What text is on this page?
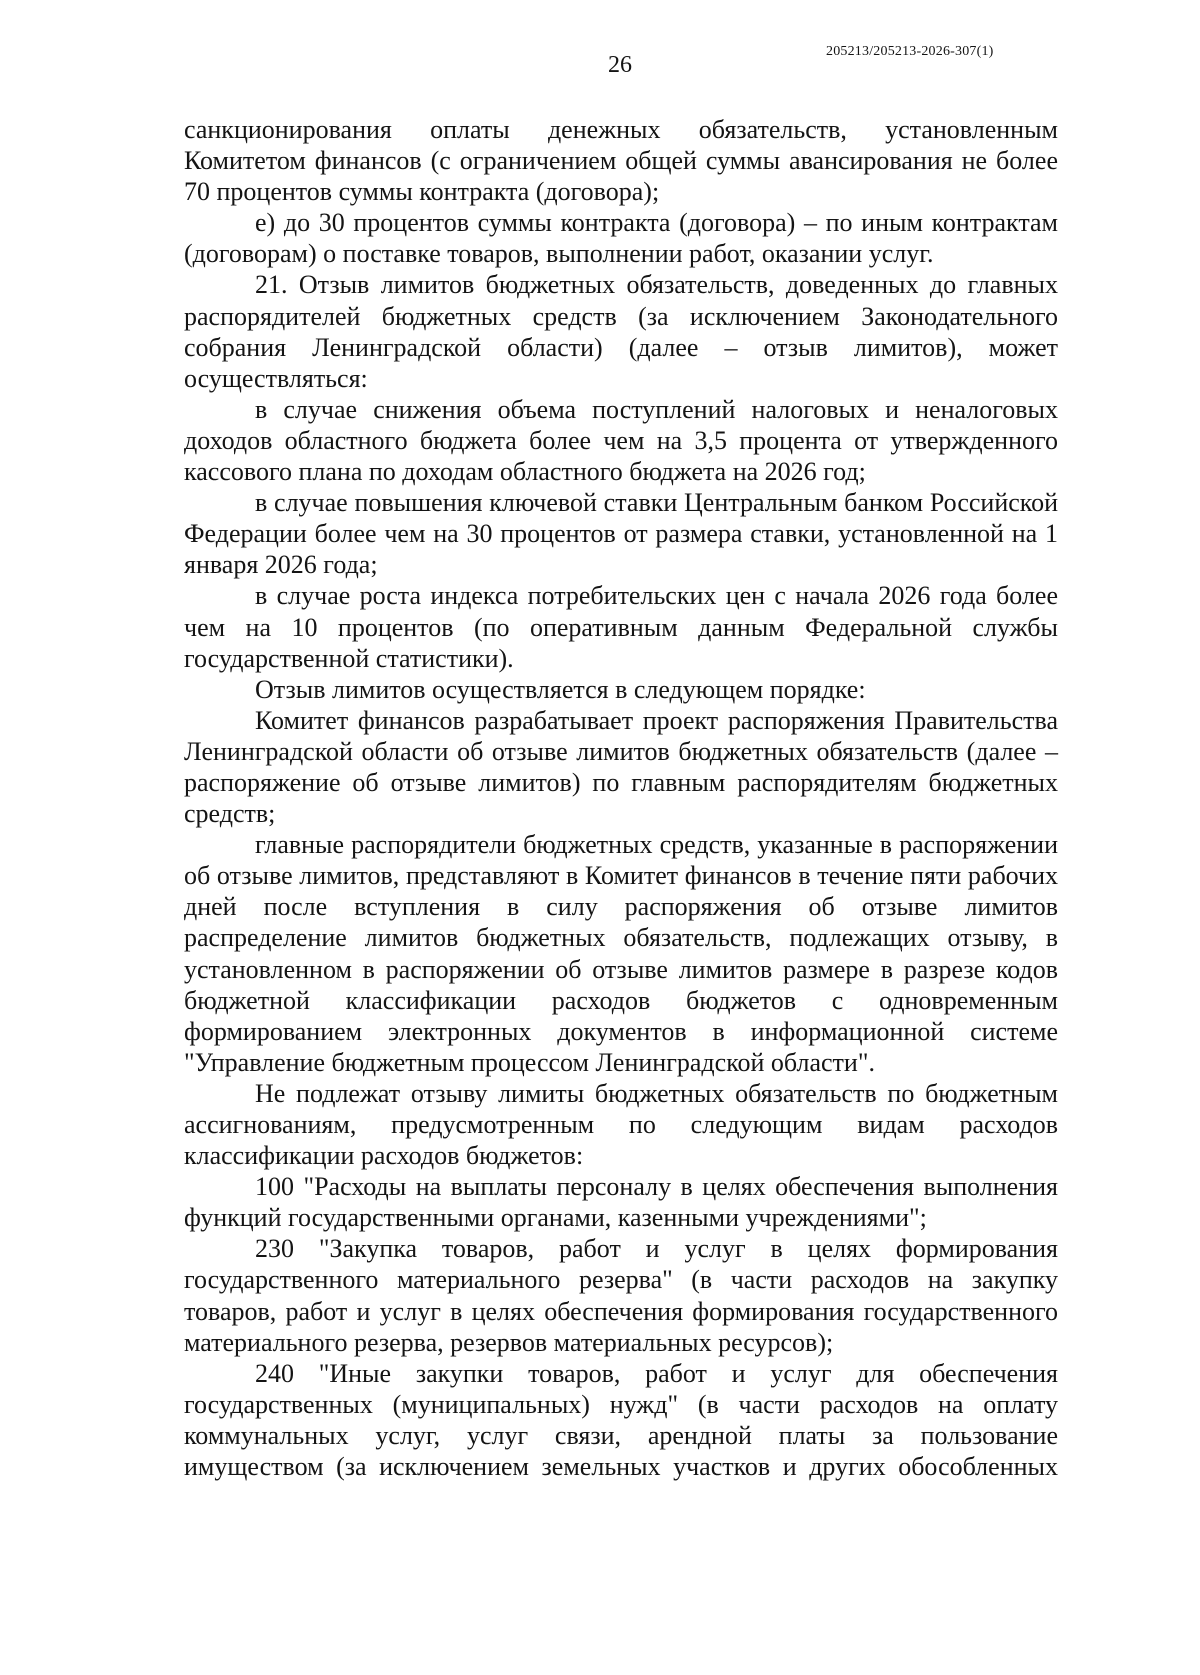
26
205213/205213-2026-307(1)

санкционирования оплаты денежных обязательств, установленным Комитетом финансов (с ограничением общей суммы авансирования не более 70 процентов суммы контракта (договора);

е) до 30 процентов суммы контракта (договора) – по иным контрактам (договорам) о поставке товаров, выполнении работ, оказании услуг.

21. Отзыв лимитов бюджетных обязательств, доведенных до главных распорядителей бюджетных средств (за исключением Законодательного собрания Ленинградской области) (далее – отзыв лимитов), может осуществляться:

в случае снижения объема поступлений налоговых и неналоговых доходов областного бюджета более чем на 3,5 процента от утвержденного кассового плана по доходам областного бюджета на 2026 год;

в случае повышения ключевой ставки Центральным банком Российской Федерации более чем на 30 процентов от размера ставки, установленной на 1 января 2026 года;

в случае роста индекса потребительских цен с начала 2026 года более чем на 10 процентов (по оперативным данным Федеральной службы государственной статистики).

Отзыв лимитов осуществляется в следующем порядке:

Комитет финансов разрабатывает проект распоряжения Правительства Ленинградской области об отзыве лимитов бюджетных обязательств (далее – распоряжение об отзыве лимитов) по главным распорядителям бюджетных средств;

главные распорядители бюджетных средств, указанные в распоряжении об отзыве лимитов, представляют в Комитет финансов в течение пяти рабочих дней после вступления в силу распоряжения об отзыве лимитов распределение лимитов бюджетных обязательств, подлежащих отзыву, в установленном в распоряжении об отзыве лимитов размере в разрезе кодов бюджетной классификации расходов бюджетов с одновременным формированием электронных документов в информационной системе "Управление бюджетным процессом Ленинградской области".

Не подлежат отзыву лимиты бюджетных обязательств по бюджетным ассигнованиям, предусмотренным по следующим видам расходов классификации расходов бюджетов:

100 "Расходы на выплаты персоналу в целях обеспечения выполнения функций государственными органами, казенными учреждениями";

230 "Закупка товаров, работ и услуг в целях формирования государственного материального резерва" (в части расходов на закупку товаров, работ и услуг в целях обеспечения формирования государственного материального резерва, резервов материальных ресурсов);

240 "Иные закупки товаров, работ и услуг для обеспечения государственных (муниципальных) нужд" (в части расходов на оплату коммунальных услуг, услуг связи, арендной платы за пользование имуществом (за исключением земельных участков и других обособленных
